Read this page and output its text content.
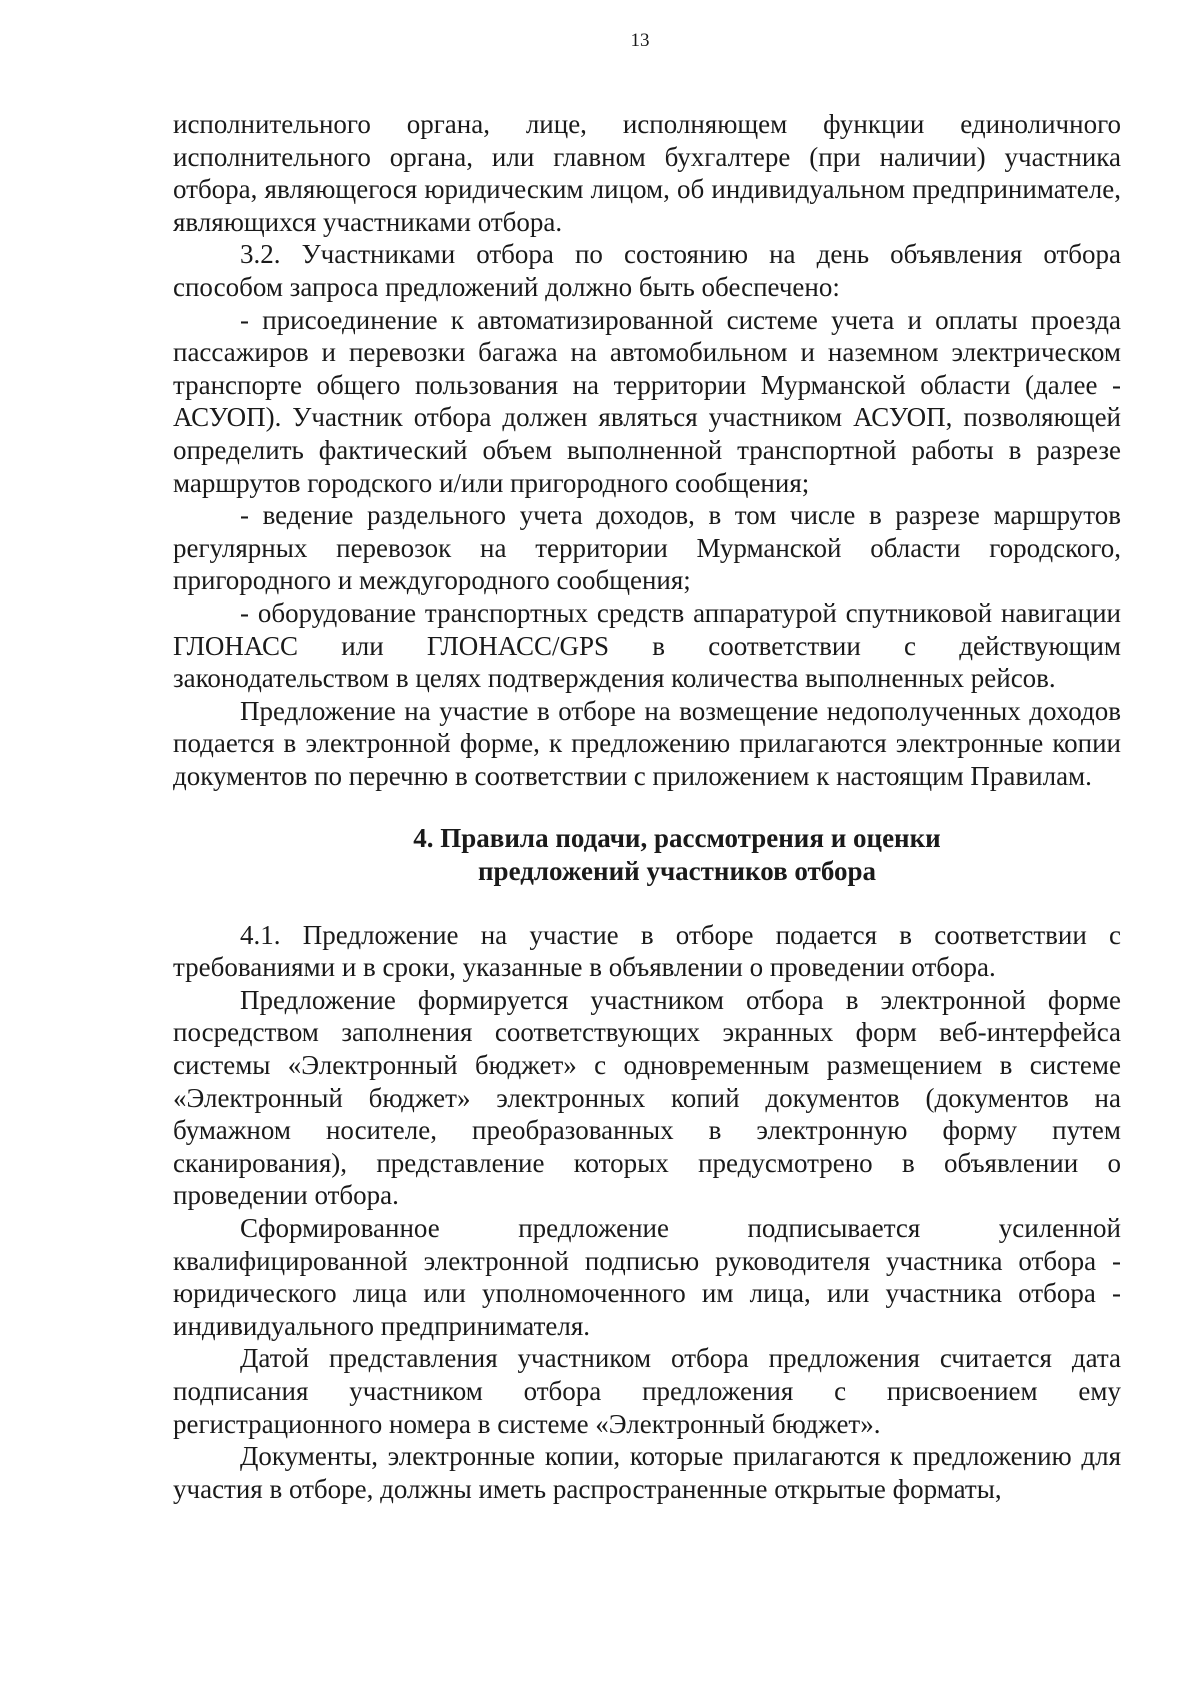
13

исполнительного органа, лице, исполняющем функции единоличного исполнительного органа, или главном бухгалтере (при наличии) участника отбора, являющегося юридическим лицом, об индивидуальном предпринимателе, являющихся участниками отбора.

3.2. Участниками отбора по состоянию на день объявления отбора способом запроса предложений должно быть обеспечено:

- присоединение к автоматизированной системе учета и оплаты проезда пассажиров и перевозки багажа на автомобильном и наземном электрическом транспорте общего пользования на территории Мурманской области (далее - АСУОП). Участник отбора должен являться участником АСУОП, позволяющей определить фактический объем выполненной транспортной работы в разрезе маршрутов городского и/или пригородного сообщения;

- ведение раздельного учета доходов, в том числе в разрезе маршрутов регулярных перевозок на территории Мурманской области городского, пригородного и междугородного сообщения;

- оборудование транспортных средств аппаратурой спутниковой навигации ГЛОНАСС или ГЛОНАСС/GPS в соответствии с действующим законодательством в целях подтверждения количества выполненных рейсов.

Предложение на участие в отборе на возмещение недополученных доходов подается в электронной форме, к предложению прилагаются электронные копии документов по перечню в соответствии с приложением к настоящим Правилам.

4. Правила подачи, рассмотрения и оценки
предложений участников отбора

4.1. Предложение на участие в отборе подается в соответствии с требованиями и в сроки, указанные в объявлении о проведении отбора.

Предложение формируется участником отбора в электронной форме посредством заполнения соответствующих экранных форм веб-интерфейса системы «Электронный бюджет» с одновременным размещением в системе «Электронный бюджет» электронных копий документов (документов на бумажном носителе, преобразованных в электронную форму путем сканирования), представление которых предусмотрено в объявлении о проведении отбора.

Сформированное предложение подписывается усиленной квалифицированной электронной подписью руководителя участника отбора - юридического лица или уполномоченного им лица, или участника отбора - индивидуального предпринимателя.

Датой представления участником отбора предложения считается дата подписания участником отбора предложения с присвоением ему регистрационного номера в системе «Электронный бюджет».

Документы, электронные копии, которые прилагаются к предложению для участия в отборе, должны иметь распространенные открытые форматы,
